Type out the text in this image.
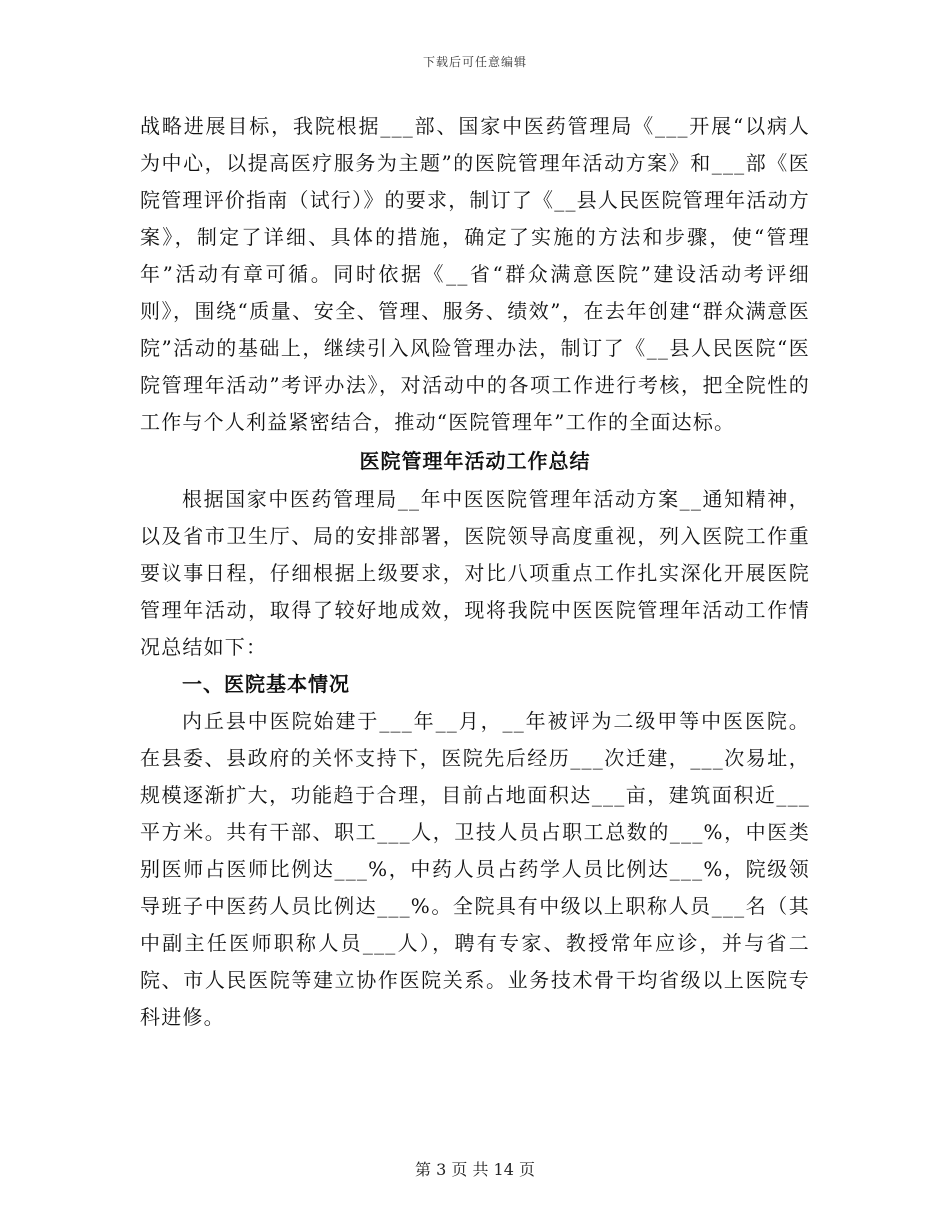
下载后可任意编辑

战略进展目标，我院根据___部、国家中医药管理局《___开展“以病人为中心，以提高医疗服务为主题”的医院管理年活动方案》和___部《医院管理评价指南（试行）》的要求，制订了《__县人民医院管理年活动方案》，制定了详细、具体的措施，确定了实施的方法和步骤，使“管理年”活动有章可循。同时依据《__省“群众满意医院”建设活动考评细则》，围绕“质量、安全、管理、服务、绩效”，在去年创建“群众满意医院”活动的基础上，继续引入风险管理办法，制订了《__县人民医院“医院管理年活动”考评办法》，对活动中的各项工作进行考核，把全院性的工作与个人利益紧密结合，推动“医院管理年”工作的全面达标。

医院管理年活动工作总结

根据国家中医药管理局__年中医医院管理年活动方案__通知精神，以及省市卫生厅、局的安排部署，医院领导高度重视，列入医院工作重要议事日程，仔细根据上级要求，对比八项重点工作扎实深化开展医院管理年活动，取得了较好地成效，现将我院中医医院管理年活动工作情况总结如下：

一、医院基本情况

内丘县中医院始建于___年__月，__年被评为二级甲等中医医院。在县委、县政府的关怀支持下，医院先后经历___次迁建，___次易址，规模逐渐扩大，功能趋于合理，目前占地面积达___亩，建筑面积近___平方米。共有干部、职工___人，卫技人员占职工总数的___%，中医类别医师占医师比例达___%，中药人员占药学人员比例达___%，院级领导班子中医药人员比例达___%。全院具有中级以上职称人员___名（其中副主任医师职称人员___人），聘有专家、教授常年应诊，并与省二院、市人民医院等建立协作医院关系。业务技术骨干均省级以上医院专科进修。

第 3 页 共 14 页
